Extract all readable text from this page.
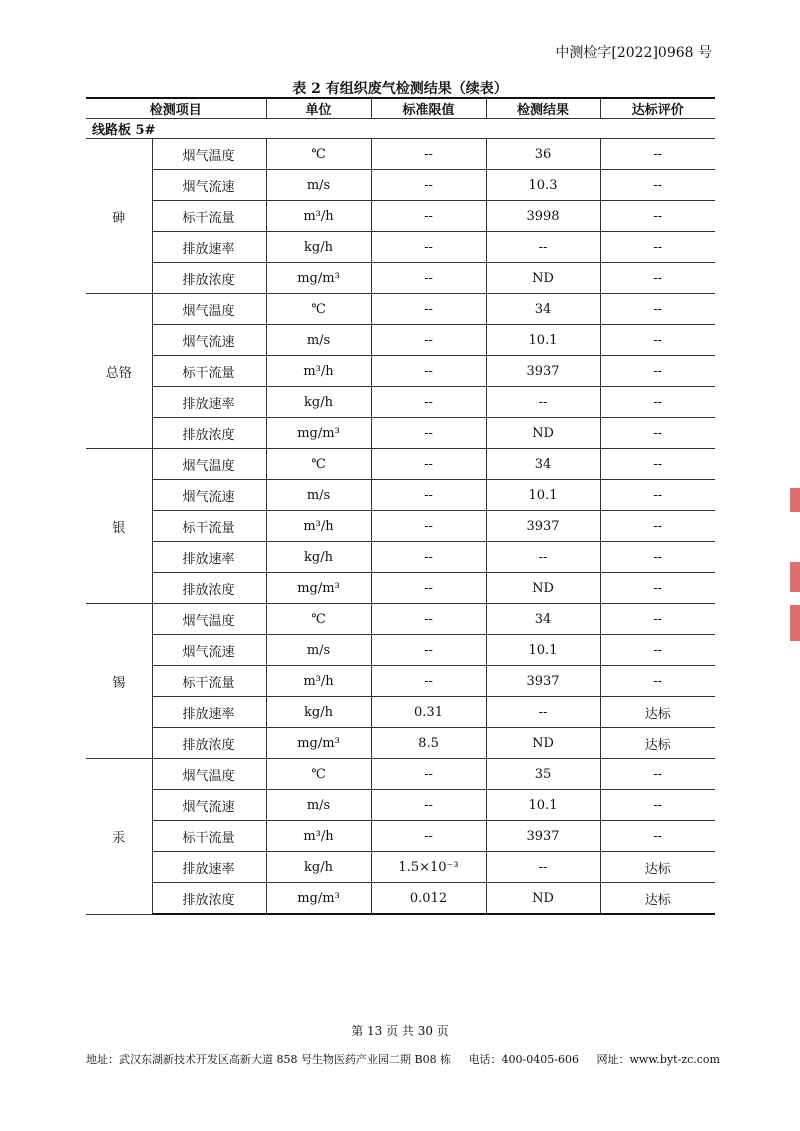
中测检字[2022]0968 号
表 2 有组织废气检测结果（续表）
检测项目		单位	标准限值	检测结果	达标评价
线路板 5#					
砷	烟气温度	℃	--	36	--
	烟气流速	m/s	--	10.3	--
	标干流量	m³/h	--	3998	--
	排放速率	kg/h	--	--	--
	排放浓度	mg/m³	--	ND	--
总铬	烟气温度	℃	--	34	--
	烟气流速	m/s	--	10.1	--
	标干流量	m³/h	--	3937	--
	排放速率	kg/h	--	--	--
	排放浓度	mg/m³	--	ND	--
银	烟气温度	℃	--	34	--
	烟气流速	m/s	--	10.1	--
	标干流量	m³/h	--	3937	--
	排放速率	kg/h	--	--	--
	排放浓度	mg/m³	--	ND	--
锡	烟气温度	℃	--	34	--
	烟气流速	m/s	--	10.1	--
	标干流量	m³/h	--	3937	--
	排放速率	kg/h	0.31	--	达标
	排放浓度	mg/m³	8.5	ND	达标
汞	烟气温度	℃	--	35	--
	烟气流速	m/s	--	10.1	--
	标干流量	m³/h	--	3937	--
	排放速率	kg/h	1.5×10⁻³	--	达标
	排放浓度	mg/m³	0.012	ND	达标
第 13 页 共 30 页
地址：武汉东湖新技术开发区高新大道 858 号生物医药产业园二期 B08 栋 电话：400-0405-606 网址：www.byt-zc.com
